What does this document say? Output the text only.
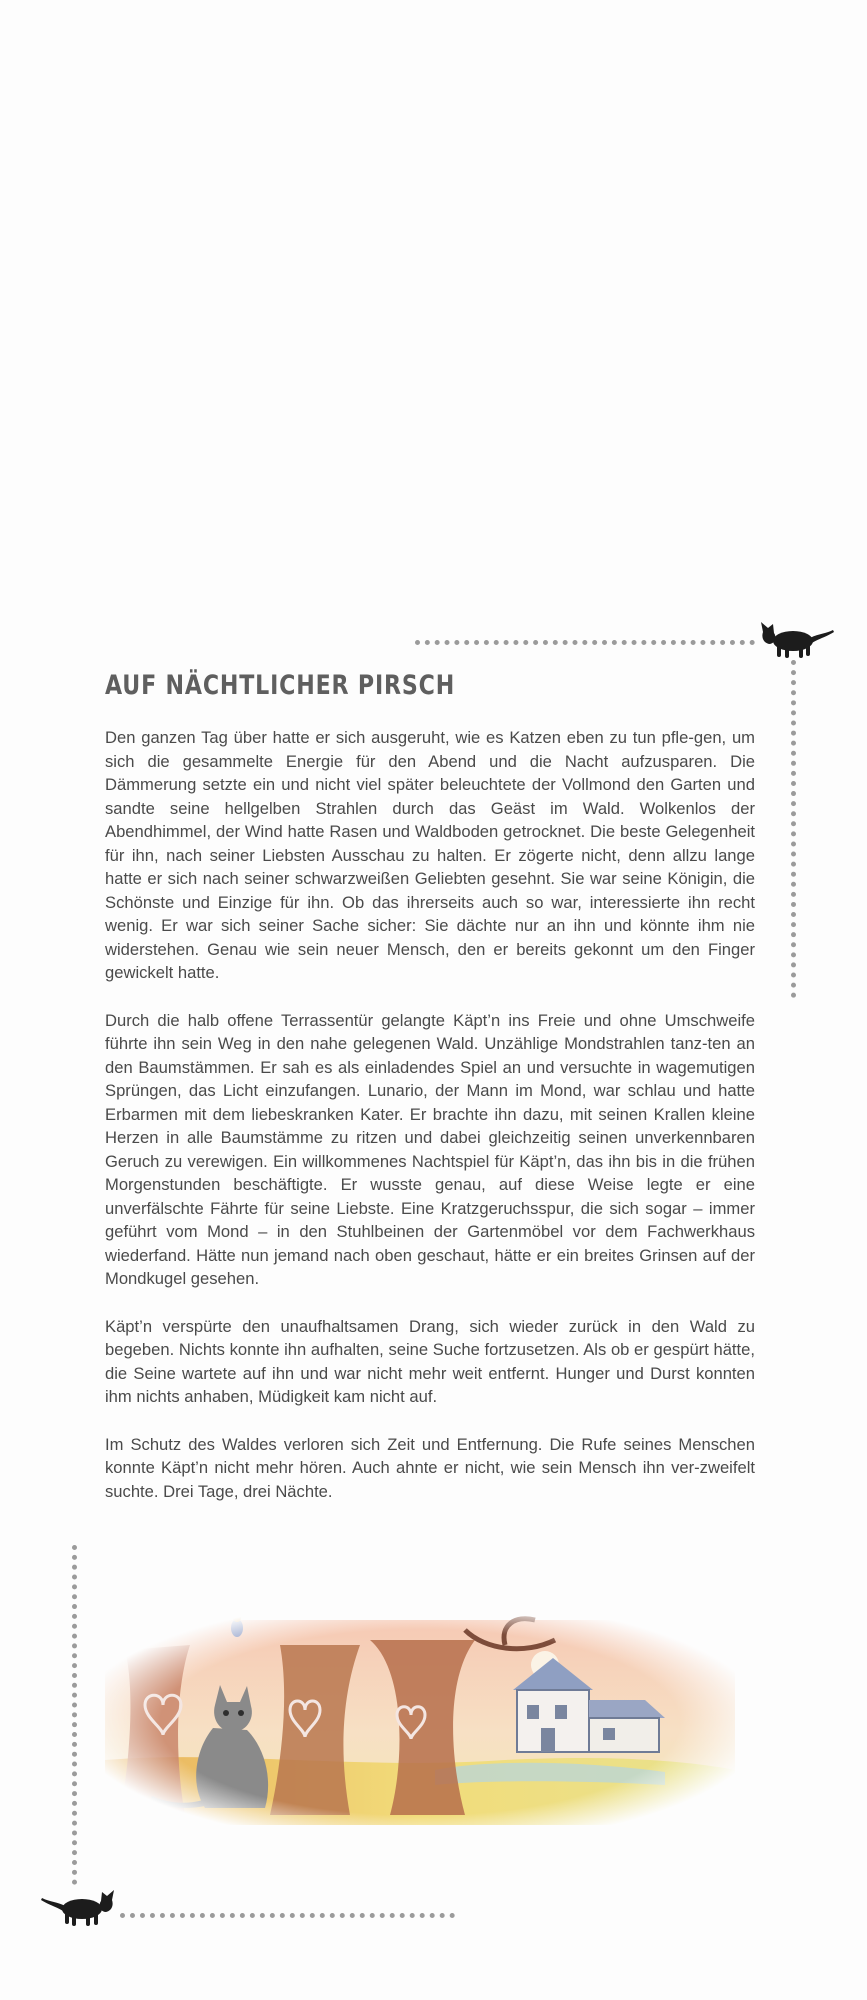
AUF NÄCHTLICHER PIRSCH

Den ganzen Tag über hatte er sich ausgeruht, wie es Katzen eben zu tun pfle-gen, um sich die gesammelte Energie für den Abend und die Nacht aufzusparen. Die Dämmerung setzte ein und nicht viel später beleuchtete der Vollmond den Garten und sandte seine hellgelben Strahlen durch das Geäst im Wald. Wolkenlos der Abendhimmel, der Wind hatte Rasen und Waldboden getrocknet. Die beste Gelegenheit für ihn, nach seiner Liebsten Ausschau zu halten. Er zögerte nicht, denn allzu lange hatte er sich nach seiner schwarzweißen Geliebten gesehnt. Sie war seine Königin, die Schönste und Einzige für ihn. Ob das ihrerseits auch so war, interessierte ihn recht wenig. Er war sich seiner Sache sicher: Sie dächte nur an ihn und könnte ihm nie widerstehen. Genau wie sein neuer Mensch, den er bereits gekonnt um den Finger gewickelt hatte.

Durch die halb offene Terrassentür gelangte Käpt’n ins Freie und ohne Umschweife führte ihn sein Weg in den nahe gelegenen Wald. Unzählige Mondstrahlen tanz-ten an den Baumstämmen. Er sah es als einladendes Spiel an und versuchte in wagemutigen Sprüngen, das Licht einzufangen. Lunario, der Mann im Mond, war schlau und hatte Erbarmen mit dem liebeskranken Kater. Er brachte ihn dazu, mit seinen Krallen kleine Herzen in alle Baumstämme zu ritzen und dabei gleichzeitig seinen unverkennbaren Geruch zu verewigen. Ein willkommenes Nachtspiel für Käpt’n, das ihn bis in die frühen Morgenstunden beschäftigte. Er wusste genau, auf diese Weise legte er eine unverfälschte Fährte für seine Liebste. Eine Kratzgeruchsspur, die sich sogar – immer geführt vom Mond – in den Stuhlbeinen der Gartenmöbel vor dem Fachwerkhaus wiederfand. Hätte nun jemand nach oben geschaut, hätte er ein breites Grinsen auf der Mondkugel gesehen.

Käpt’n verspürte den unaufhaltsamen Drang, sich wieder zurück in den Wald zu begeben. Nichts konnte ihn aufhalten, seine Suche fortzusetzen. Als ob er gespürt hätte, die Seine wartete auf ihn und war nicht mehr weit entfernt. Hunger und Durst konnten ihm nichts anhaben, Müdigkeit kam nicht auf.

Im Schutz des Waldes verloren sich Zeit und Entfernung. Die Rufe seines Menschen konnte Käpt’n nicht mehr hören. Auch ahnte er nicht, wie sein Mensch ihn ver-zweifelt suchte. Drei Tage, drei Nächte.
